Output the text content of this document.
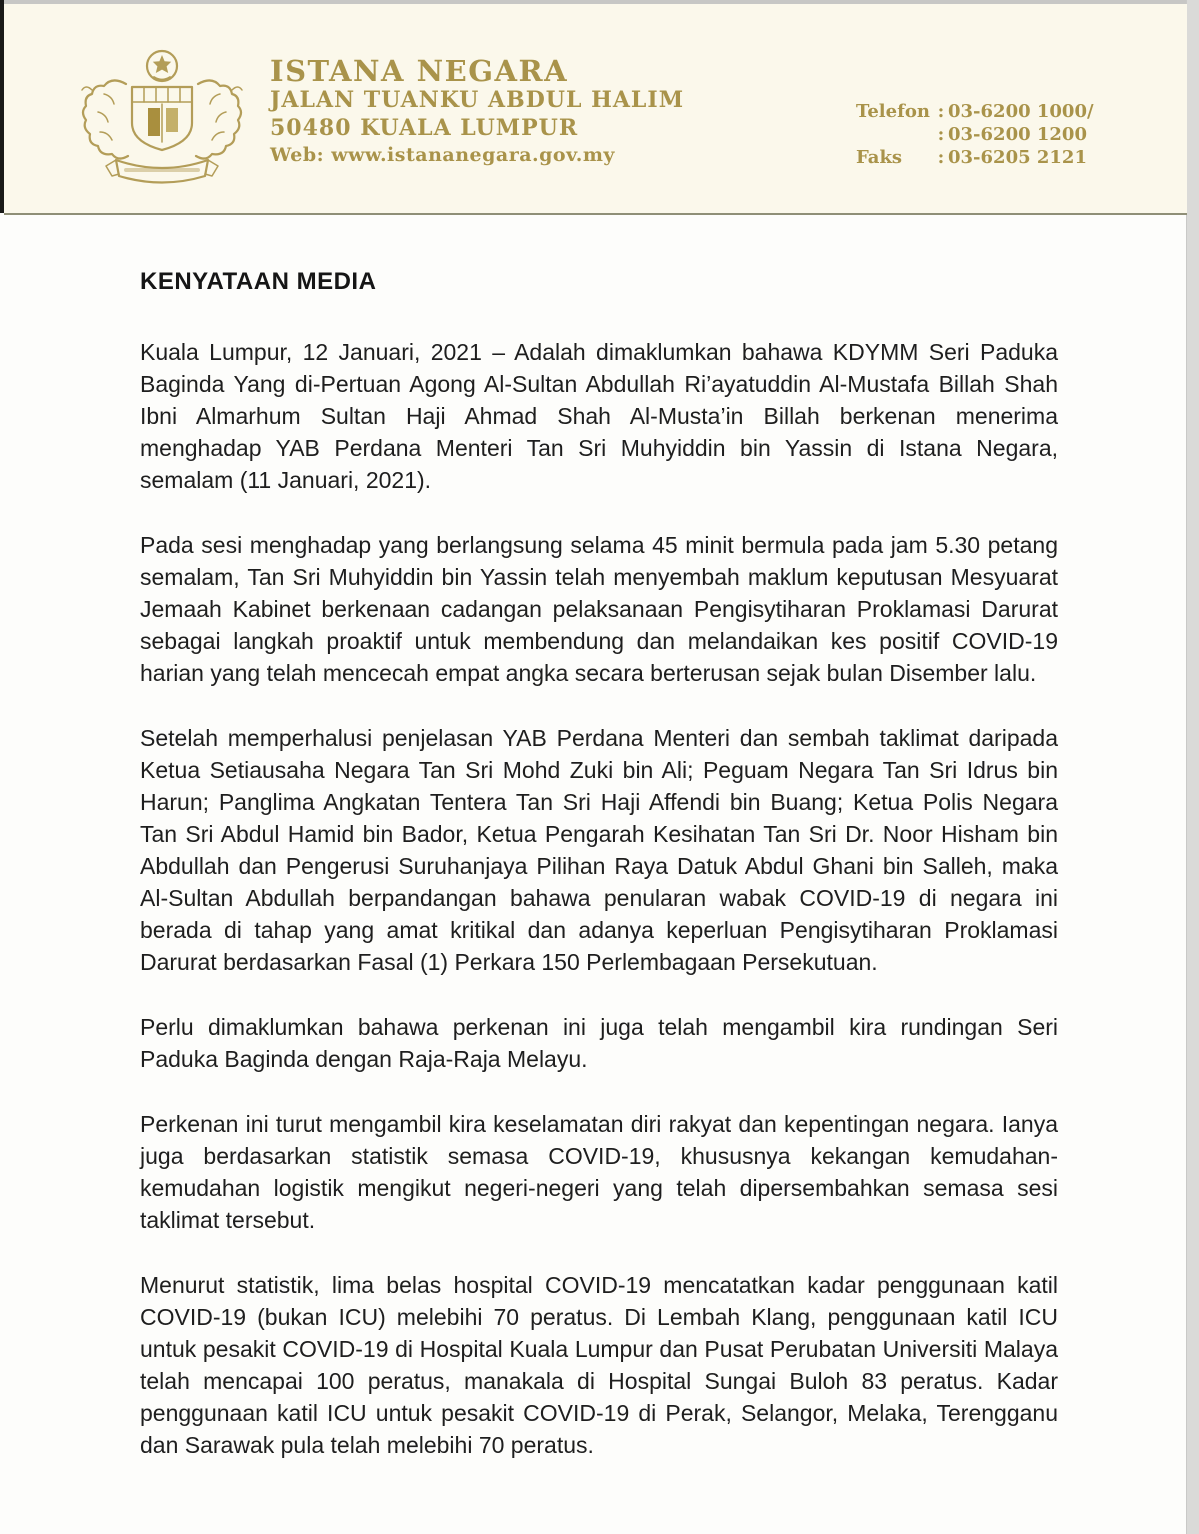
ISTANA NEGARA
JALAN TUANKU ABDUL HALIM
50480 KUALA LUMPUR
Web: www.istananegara.gov.my
Telefon : 03-6200 1000/
: 03-6200 1200
Faks	: 03-6205 2121
KENYATAAN MEDIA

Kuala Lumpur, 12 Januari, 2021 – Adalah dimaklumkan bahawa KDYMM Seri Paduka Baginda Yang di-Pertuan Agong Al-Sultan Abdullah Ri’ayatuddin Al-Mustafa Billah Shah Ibni Almarhum Sultan Haji Ahmad Shah Al-Musta’in Billah berkenan menerima menghadap YAB Perdana Menteri Tan Sri Muhyiddin bin Yassin di Istana Negara, semalam (11 Januari, 2021).

Pada sesi menghadap yang berlangsung selama 45 minit bermula pada jam 5.30 petang semalam, Tan Sri Muhyiddin bin Yassin telah menyembah maklum keputusan Mesyuarat Jemaah Kabinet berkenaan cadangan pelaksanaan Pengisytiharan Proklamasi Darurat sebagai langkah proaktif untuk membendung dan melandaikan kes positif COVID-19 harian yang telah mencecah empat angka secara berterusan sejak bulan Disember lalu.

Setelah memperhalusi penjelasan YAB Perdana Menteri dan sembah taklimat daripada Ketua Setiausaha Negara Tan Sri Mohd Zuki bin Ali; Peguam Negara Tan Sri Idrus bin Harun; Panglima Angkatan Tentera Tan Sri Haji Affendi bin Buang; Ketua Polis Negara Tan Sri Abdul Hamid bin Bador, Ketua Pengarah Kesihatan Tan Sri Dr. Noor Hisham bin Abdullah dan Pengerusi Suruhanjaya Pilihan Raya Datuk Abdul Ghani bin Salleh, maka Al-Sultan Abdullah berpandangan bahawa penularan wabak COVID-19 di negara ini berada di tahap yang amat kritikal dan adanya keperluan Pengisytiharan Proklamasi Darurat berdasarkan Fasal (1) Perkara 150 Perlembagaan Persekutuan.

Perlu dimaklumkan bahawa perkenan ini juga telah mengambil kira rundingan Seri Paduka Baginda dengan Raja-Raja Melayu.

Perkenan ini turut mengambil kira keselamatan diri rakyat dan kepentingan negara. Ianya juga berdasarkan statistik semasa COVID-19, khususnya kekangan kemudahan-kemudahan logistik mengikut negeri-negeri yang telah dipersembahkan semasa sesi taklimat tersebut.

Menurut statistik, lima belas hospital COVID-19 mencatatkan kadar penggunaan katil COVID-19 (bukan ICU) melebihi 70 peratus. Di Lembah Klang, penggunaan katil ICU untuk pesakit COVID-19 di Hospital Kuala Lumpur dan Pusat Perubatan Universiti Malaya telah mencapai 100 peratus, manakala di Hospital Sungai Buloh 83 peratus. Kadar penggunaan katil ICU untuk pesakit COVID-19 di Perak, Selangor, Melaka, Terengganu dan Sarawak pula telah melebihi 70 peratus.
